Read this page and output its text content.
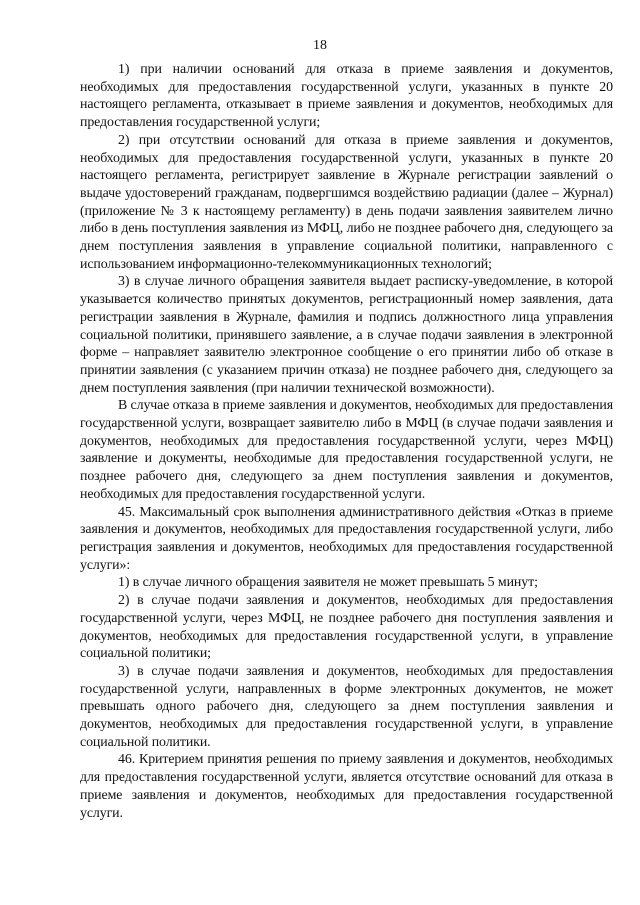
18

1) при наличии оснований для отказа в приеме заявления и документов, необходимых для предоставления государственной услуги, указанных в пункте 20 настоящего регламента, отказывает в приеме заявления и документов, необходимых для предоставления государственной услуги;

2) при отсутствии оснований для отказа в приеме заявления и документов, необходимых для предоставления государственной услуги, указанных в пункте 20 настоящего регламента, регистрирует заявление в Журнале регистрации заявлений о выдаче удостоверений гражданам, подвергшимся воздействию радиации (далее – Журнал) (приложение № 3 к настоящему регламенту) в день подачи заявления заявителем лично либо в день поступления заявления из МФЦ, либо не позднее рабочего дня, следующего за днем поступления заявления в управление социальной политики, направленного с использованием информационно-телекоммуникационных технологий;

3) в случае личного обращения заявителя выдает расписку-уведомление, в которой указывается количество принятых документов, регистрационный номер заявления, дата регистрации заявления в Журнале, фамилия и подпись должностного лица управления социальной политики, принявшего заявление, а в случае подачи заявления в электронной форме – направляет заявителю электронное сообщение о его принятии либо об отказе в принятии заявления (с указанием причин отказа) не позднее рабочего дня, следующего за днем поступления заявления (при наличии технической возможности).

В случае отказа в приеме заявления и документов, необходимых для предоставления государственной услуги, возвращает заявителю либо в МФЦ (в случае подачи заявления и документов, необходимых для предоставления государственной услуги, через МФЦ) заявление и документы, необходимые для предоставления государственной услуги, не позднее рабочего дня, следующего за днем поступления заявления и документов, необходимых для предоставления государственной услуги.

45. Максимальный срок выполнения административного действия «Отказ в приеме заявления и документов, необходимых для предоставления государственной услуги, либо регистрация заявления и документов, необходимых для предоставления государственной услуги»:

1) в случае личного обращения заявителя не может превышать 5 минут;

2) в случае подачи заявления и документов, необходимых для предоставления государственной услуги, через МФЦ, не позднее рабочего дня поступления заявления и документов, необходимых для предоставления государственной услуги, в управление социальной политики;

3) в случае подачи заявления и документов, необходимых для предоставления государственной услуги, направленных в форме электронных документов, не может превышать одного рабочего дня, следующего за днем поступления заявления и документов, необходимых для предоставления государственной услуги, в управление социальной политики.

46. Критерием принятия решения по приему заявления и документов, необходимых для предоставления государственной услуги, является отсутствие оснований для отказа в приеме заявления и документов, необходимых для предоставления государственной услуги.
